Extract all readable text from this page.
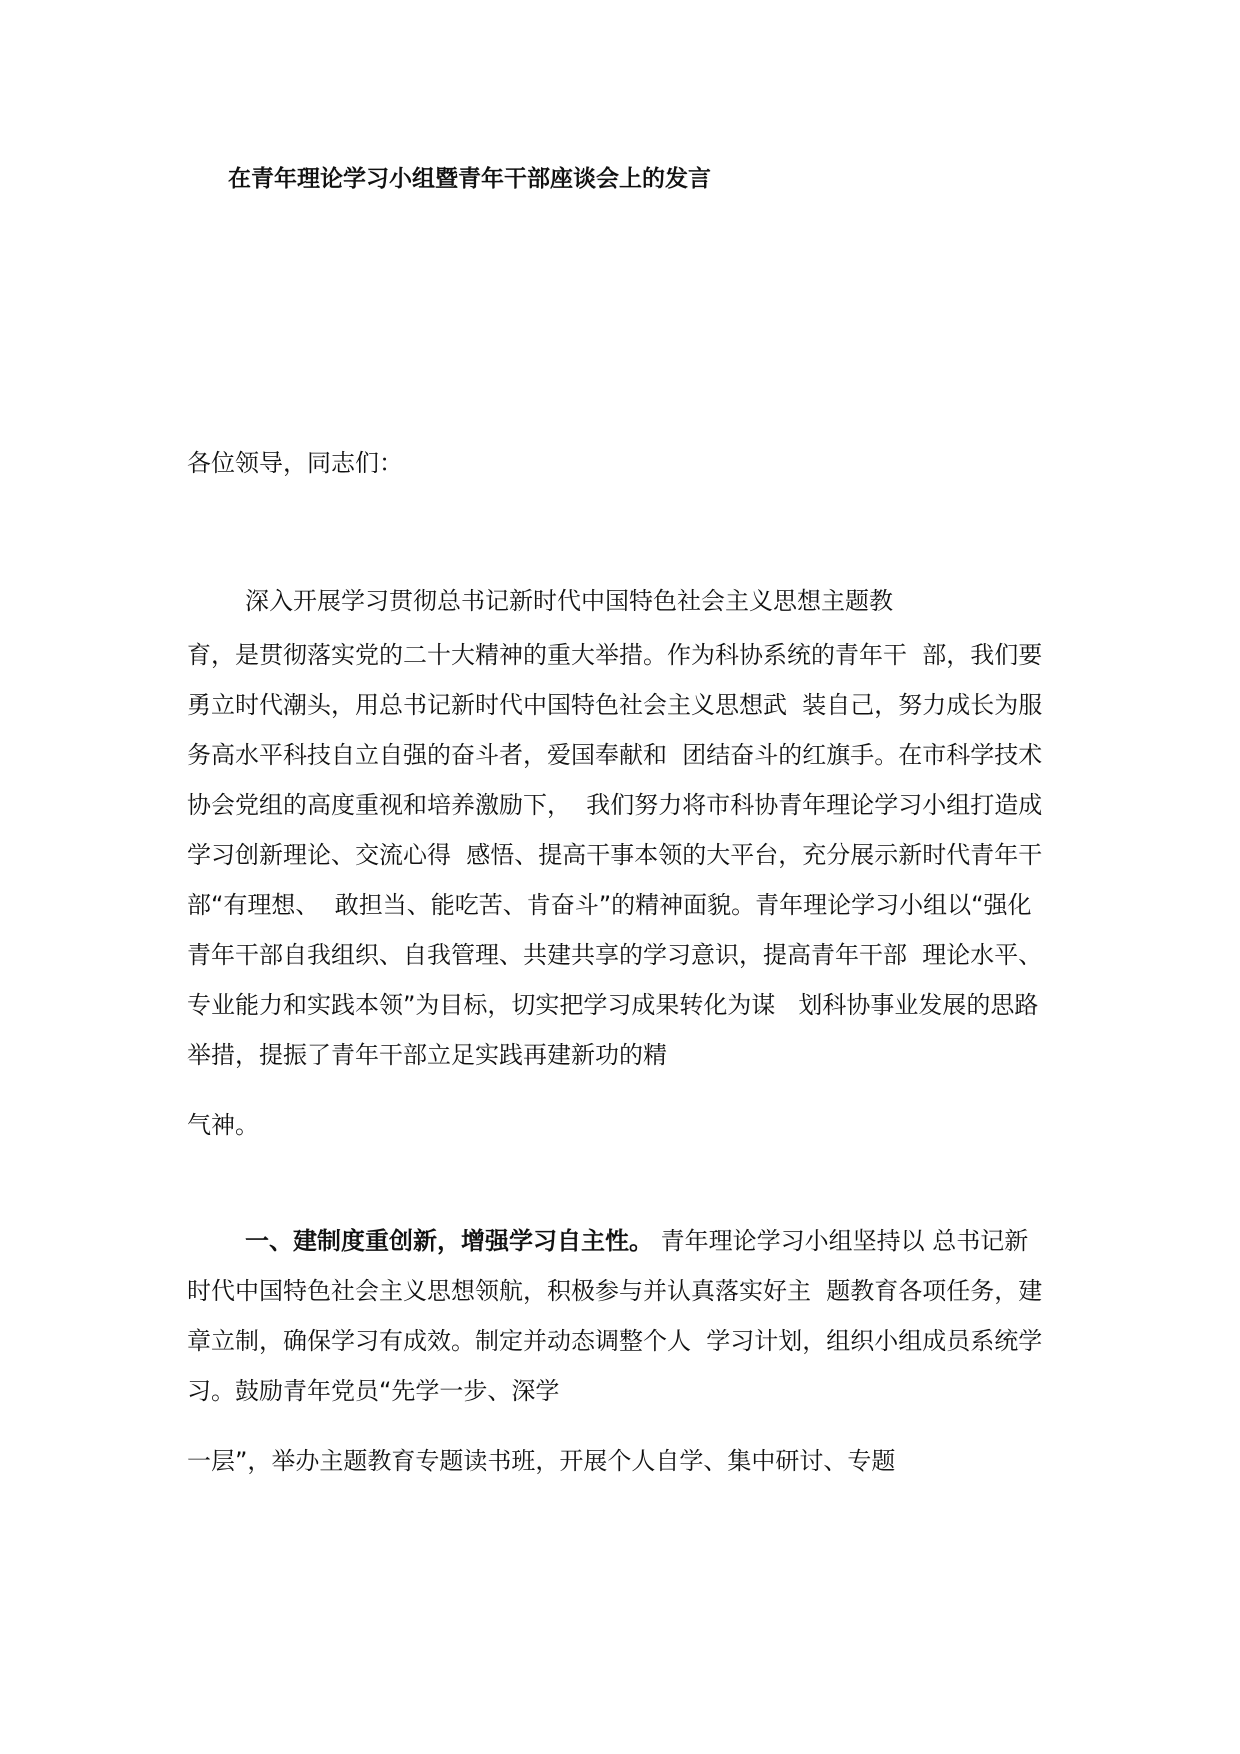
在青年理论学习小组暨青年干部座谈会上的发言
各位领导，同志们：
深入开展学习贯彻总书记新时代中国特色社会主义思想主题教
育，是贯彻落实党的二十大精神的重大举措。作为科协系统的青年干  部，我们要
勇立时代潮头，用总书记新时代中国特色社会主义思想武  装自己，努力成长为服
务高水平科技自立自强的奋斗者，爱国奉献和  团结奋斗的红旗手。在市科学技术
协会党组的高度重视和培养激励下，  我们努力将市科协青年理论学习小组打造成
学习创新理论、交流心得  感悟、提高干事本领的大平台，充分展示新时代青年干
部“有理想、  敢担当、能吃苦、肯奋斗”的精神面貌。青年理论学习小组以“强化
青年干部自我组织、自我管理、共建共享的学习意识，提高青年干部  理论水平、
专业能力和实践本领”为目标，切实把学习成果转化为谋   划科协事业发展的思路
举措，提振了青年干部立足实践再建新功的精
气神。
一、建制度重创新，增强学习自主性。 青年理论学习小组坚持以 总书记新
时代中国特色社会主义思想领航，积极参与并认真落实好主  题教育各项任务，建
章立制，确保学习有成效。制定并动态调整个人  学习计划，组织小组成员系统学
习。鼓励青年党员“先学一步、深学
一层”，举办主题教育专题读书班，开展个人自学、集中研讨、专题
